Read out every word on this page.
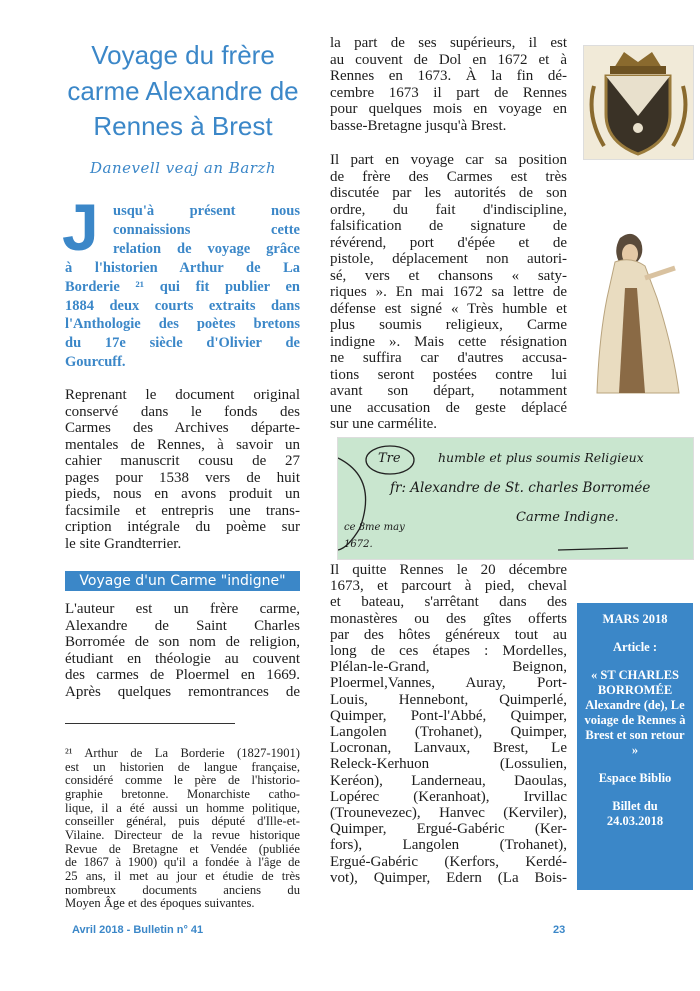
Voyage du frère
carme Alexandre de
Rennes à Brest
Danevell veaj an Barzh
J usqu'à présent nous
connaissions cette
relation de voyage grâce
à l'historien Arthur de La
Borderie ²¹ qui fit publier en
1884 deux courts extraits dans
l'Anthologie des poètes bretons
du 17e siècle d'Olivier de
Gourcuff.
Reprenant le document original
conservé dans le fonds des
Carmes des Archives départe-
mentales de Rennes, à savoir un
cahier manuscrit cousu de 27
pages pour 1538 vers de huit
pieds, nous en avons produit un
facsimile et entrepris une trans-
cription intégrale du poème sur
le site Grandterrier.
Voyage d'un Carme "indigne"
L'auteur est un frère carme,
Alexandre de Saint Charles
Borromée de son nom de religion,
étudiant en théologie au couvent
des carmes de Ploermel en 1669.
Après quelques remontrances de
²¹ Arthur de La Borderie (1827-1901)
est un historien de langue française,
considéré comme le père de l'historio-
graphie bretonne. Monarchiste catho-
lique, il a été aussi un homme politique,
conseiller général, puis député d'Ille-et-
Vilaine. Directeur de la revue historique
Revue de Bretagne et Vendée (publiée
de 1867 à 1900) qu'il a fondée à l'âge de
25 ans, il met au jour et étudie de très
nombreux documents anciens du
Moyen Âge et des époques suivantes.
la part de ses supérieurs, il est
au couvent de Dol en 1672 et à
Rennes en 1673. À la fin dé-
cembre 1673 il part de Rennes
pour quelques mois en voyage en
basse-Bretagne jusqu'à Brest.
Il part en voyage car sa position
de frère des Carmes est très
discutée par les autorités de son
ordre, du fait d'indiscipline,
falsification de signature de
révérend, port d'épée et de
pistole, déplacement non autori-
sé, vers et chansons « saty-
riques ». En mai 1672 sa lettre de
défense est signé « Très humble et
plus soumis religieux, Carme
indigne ». Mais cette résignation
ne suffira car d'autres accusa-
tions seront postées contre lui
avant son départ, notamment
une accusation de geste déplacé
sur une carmélite.
Il quitte Rennes le 20 décembre
1673, et parcourt à pied, cheval
et bateau, s'arrêtant dans des
monastères ou des gîtes offerts
par des hôtes généreux tout au
long de ces étapes : Mordelles,
Plélan-le-Grand, Beignon,
Ploermel,Vannes, Auray, Port-
Louis, Hennebont, Quimperlé,
Quimper, Pont-l'Abbé, Quimper,
Langolen (Trohanet), Quimper,
Locronan, Lanvaux, Brest, Le
Releck-Kerhuon (Lossulien,
Keréon), Landerneau, Daoulas,
Lopérec (Keranhoat), Irvillac
(Trounevezec), Hanvec (Kerviler),
Quimper, Ergué-Gabéric (Ker-
fors), Langolen (Trohanet),
Ergué-Gabéric (Kerfors, Kerdé-
vot), Quimper, Edern (La Bois-
Tre	humble et plus soumis Religieux
fr: Alexandre de St. charles Borromée
Carme Indigne.
ce 8me may
1672.

MARS 2018

Article :

« ST CHARLES BORROMÉE Alexandre (de), Le voiage de Rennes à Brest et son retour »

Espace Biblio

Billet du 24.03.2018

Avril 2018 - Bulletin n° 41	23
